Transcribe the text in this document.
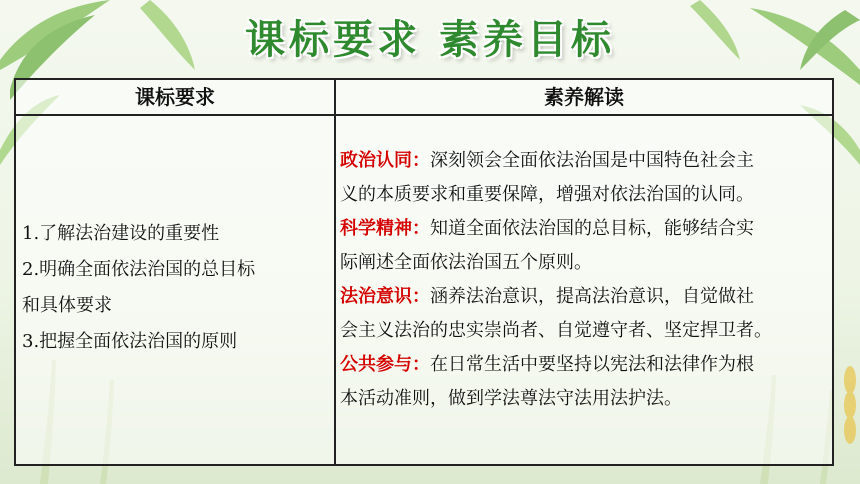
课标要求 素养目标
课标要求	素养解读

1.了解法治建设的重要性

2.明确全面依法治国的总目标

和具体要求

3.把握全面依法治国的原则

政治认同：深刻领会全面依法治国是中国特色社会主

义的本质要求和重要保障，增强对依法治国的认同。

科学精神：知道全面依法治国的总目标，能够结合实

际阐述全面依法治国五个原则。

法治意识：涵养法治意识，提高法治意识，自觉做社

会主义法治的忠实崇尚者、自觉遵守者、坚定捍卫者。

公共参与：在日常生活中要坚持以宪法和法律作为根

本活动准则，做到学法尊法守法用法护法。
